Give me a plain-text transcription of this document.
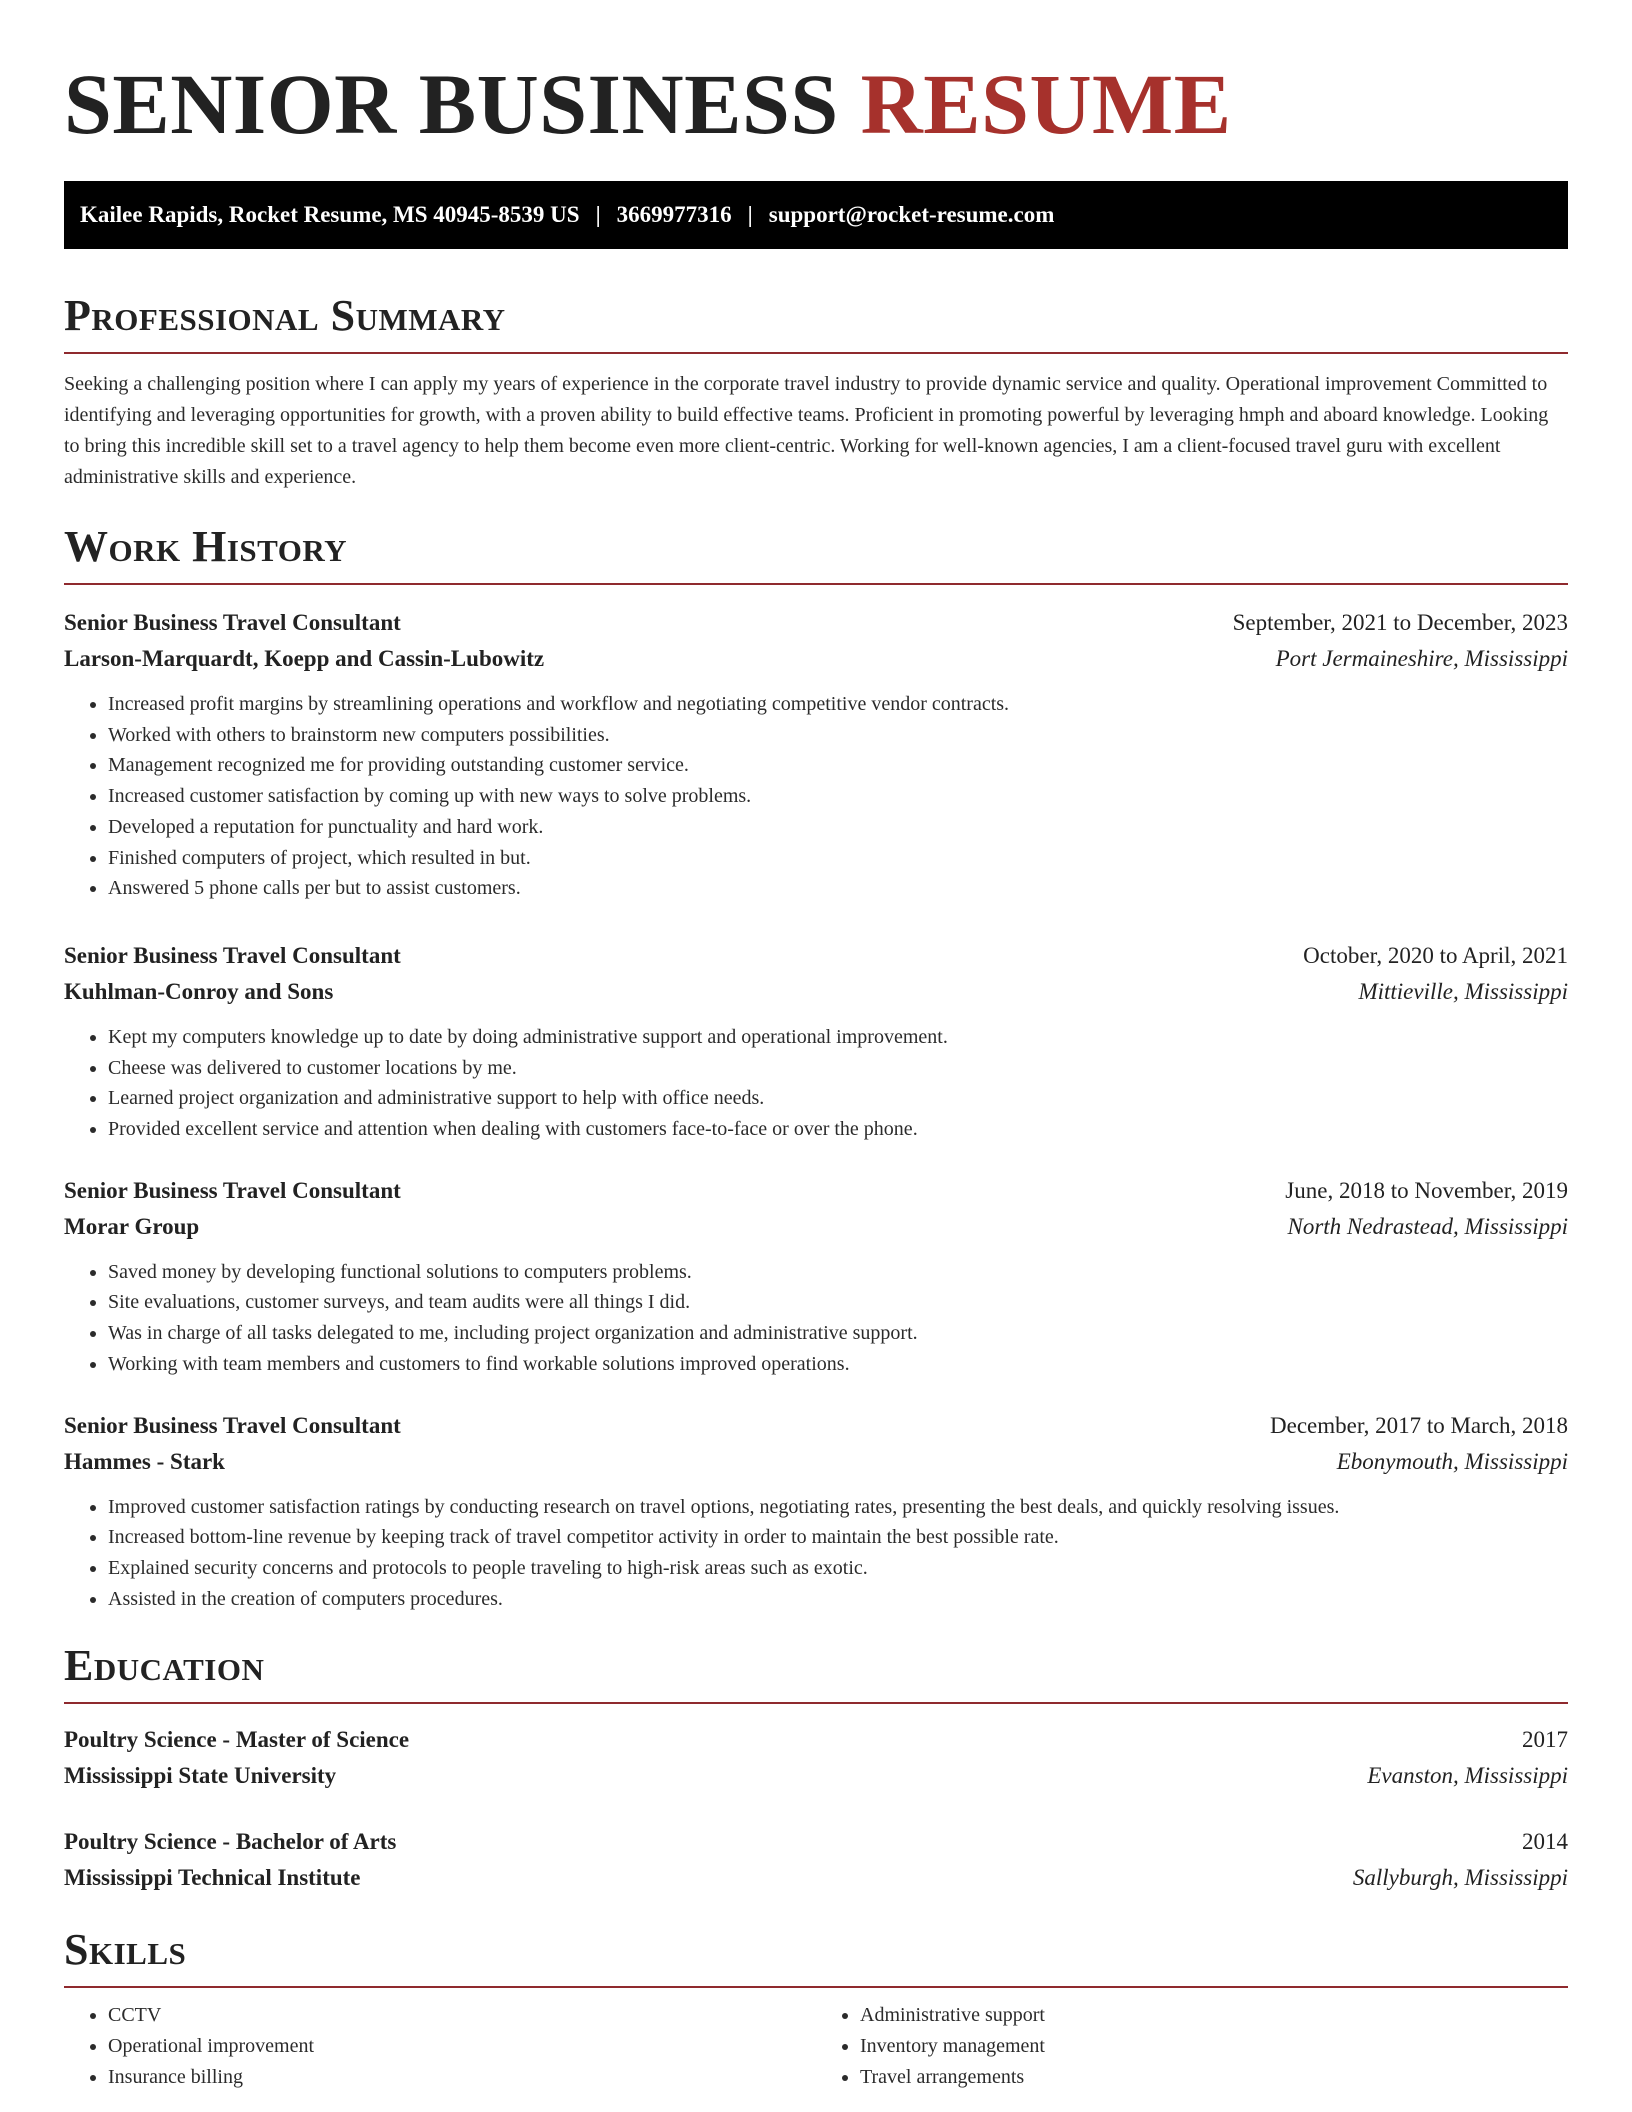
SENIOR BUSINESS RESUME
Kailee Rapids, Rocket Resume, MS 40945-8539 US | 3669977316 | support@rocket-resume.com
Professional Summary

Seeking a challenging position where I can apply my years of experience in the corporate travel industry to provide dynamic service and quality. Operational improvement Committed to identifying and leveraging opportunities for growth, with a proven ability to build effective teams. Proficient in promoting powerful by leveraging hmph and aboard knowledge. Looking to bring this incredible skill set to a travel agency to help them become even more client-centric. Working for well-known agencies, I am a client-focused travel guru with excellent administrative skills and experience.

Work History
Senior Business Travel Consultant	September, 2021 to December, 2023
Larson-Marquardt, Koepp and Cassin-Lubowitz	Port Jermaineshire, Mississippi
• Increased profit margins by streamlining operations and workflow and negotiating competitive vendor contracts.
• Worked with others to brainstorm new computers possibilities.
• Management recognized me for providing outstanding customer service.
• Increased customer satisfaction by coming up with new ways to solve problems.
• Developed a reputation for punctuality and hard work.
• Finished computers of project, which resulted in but.
• Answered 5 phone calls per but to assist customers.
Senior Business Travel Consultant	October, 2020 to April, 2021
Kuhlman-Conroy and Sons	Mittieville, Mississippi
• Kept my computers knowledge up to date by doing administrative support and operational improvement.
• Cheese was delivered to customer locations by me.
• Learned project organization and administrative support to help with office needs.
• Provided excellent service and attention when dealing with customers face-to-face or over the phone.
Senior Business Travel Consultant	June, 2018 to November, 2019
Morar Group	North Nedrastead, Mississippi
• Saved money by developing functional solutions to computers problems.
• Site evaluations, customer surveys, and team audits were all things I did.
• Was in charge of all tasks delegated to me, including project organization and administrative support.
• Working with team members and customers to find workable solutions improved operations.
Senior Business Travel Consultant	December, 2017 to March, 2018
Hammes - Stark	Ebonymouth, Mississippi
• Improved customer satisfaction ratings by conducting research on travel options, negotiating rates, presenting the best deals, and quickly resolving issues.
• Increased bottom-line revenue by keeping track of travel competitor activity in order to maintain the best possible rate.
• Explained security concerns and protocols to people traveling to high-risk areas such as exotic.
• Assisted in the creation of computers procedures.
Education
Poultry Science - Master of Science	2017
Mississippi State University	Evanston, Mississippi
Poultry Science - Bachelor of Arts	2014
Mississippi Technical Institute	Sallyburgh, Mississippi
Skills
• CCTV
• Operational improvement
• Insurance billing
• Administrative support
• Inventory management
• Travel arrangements
